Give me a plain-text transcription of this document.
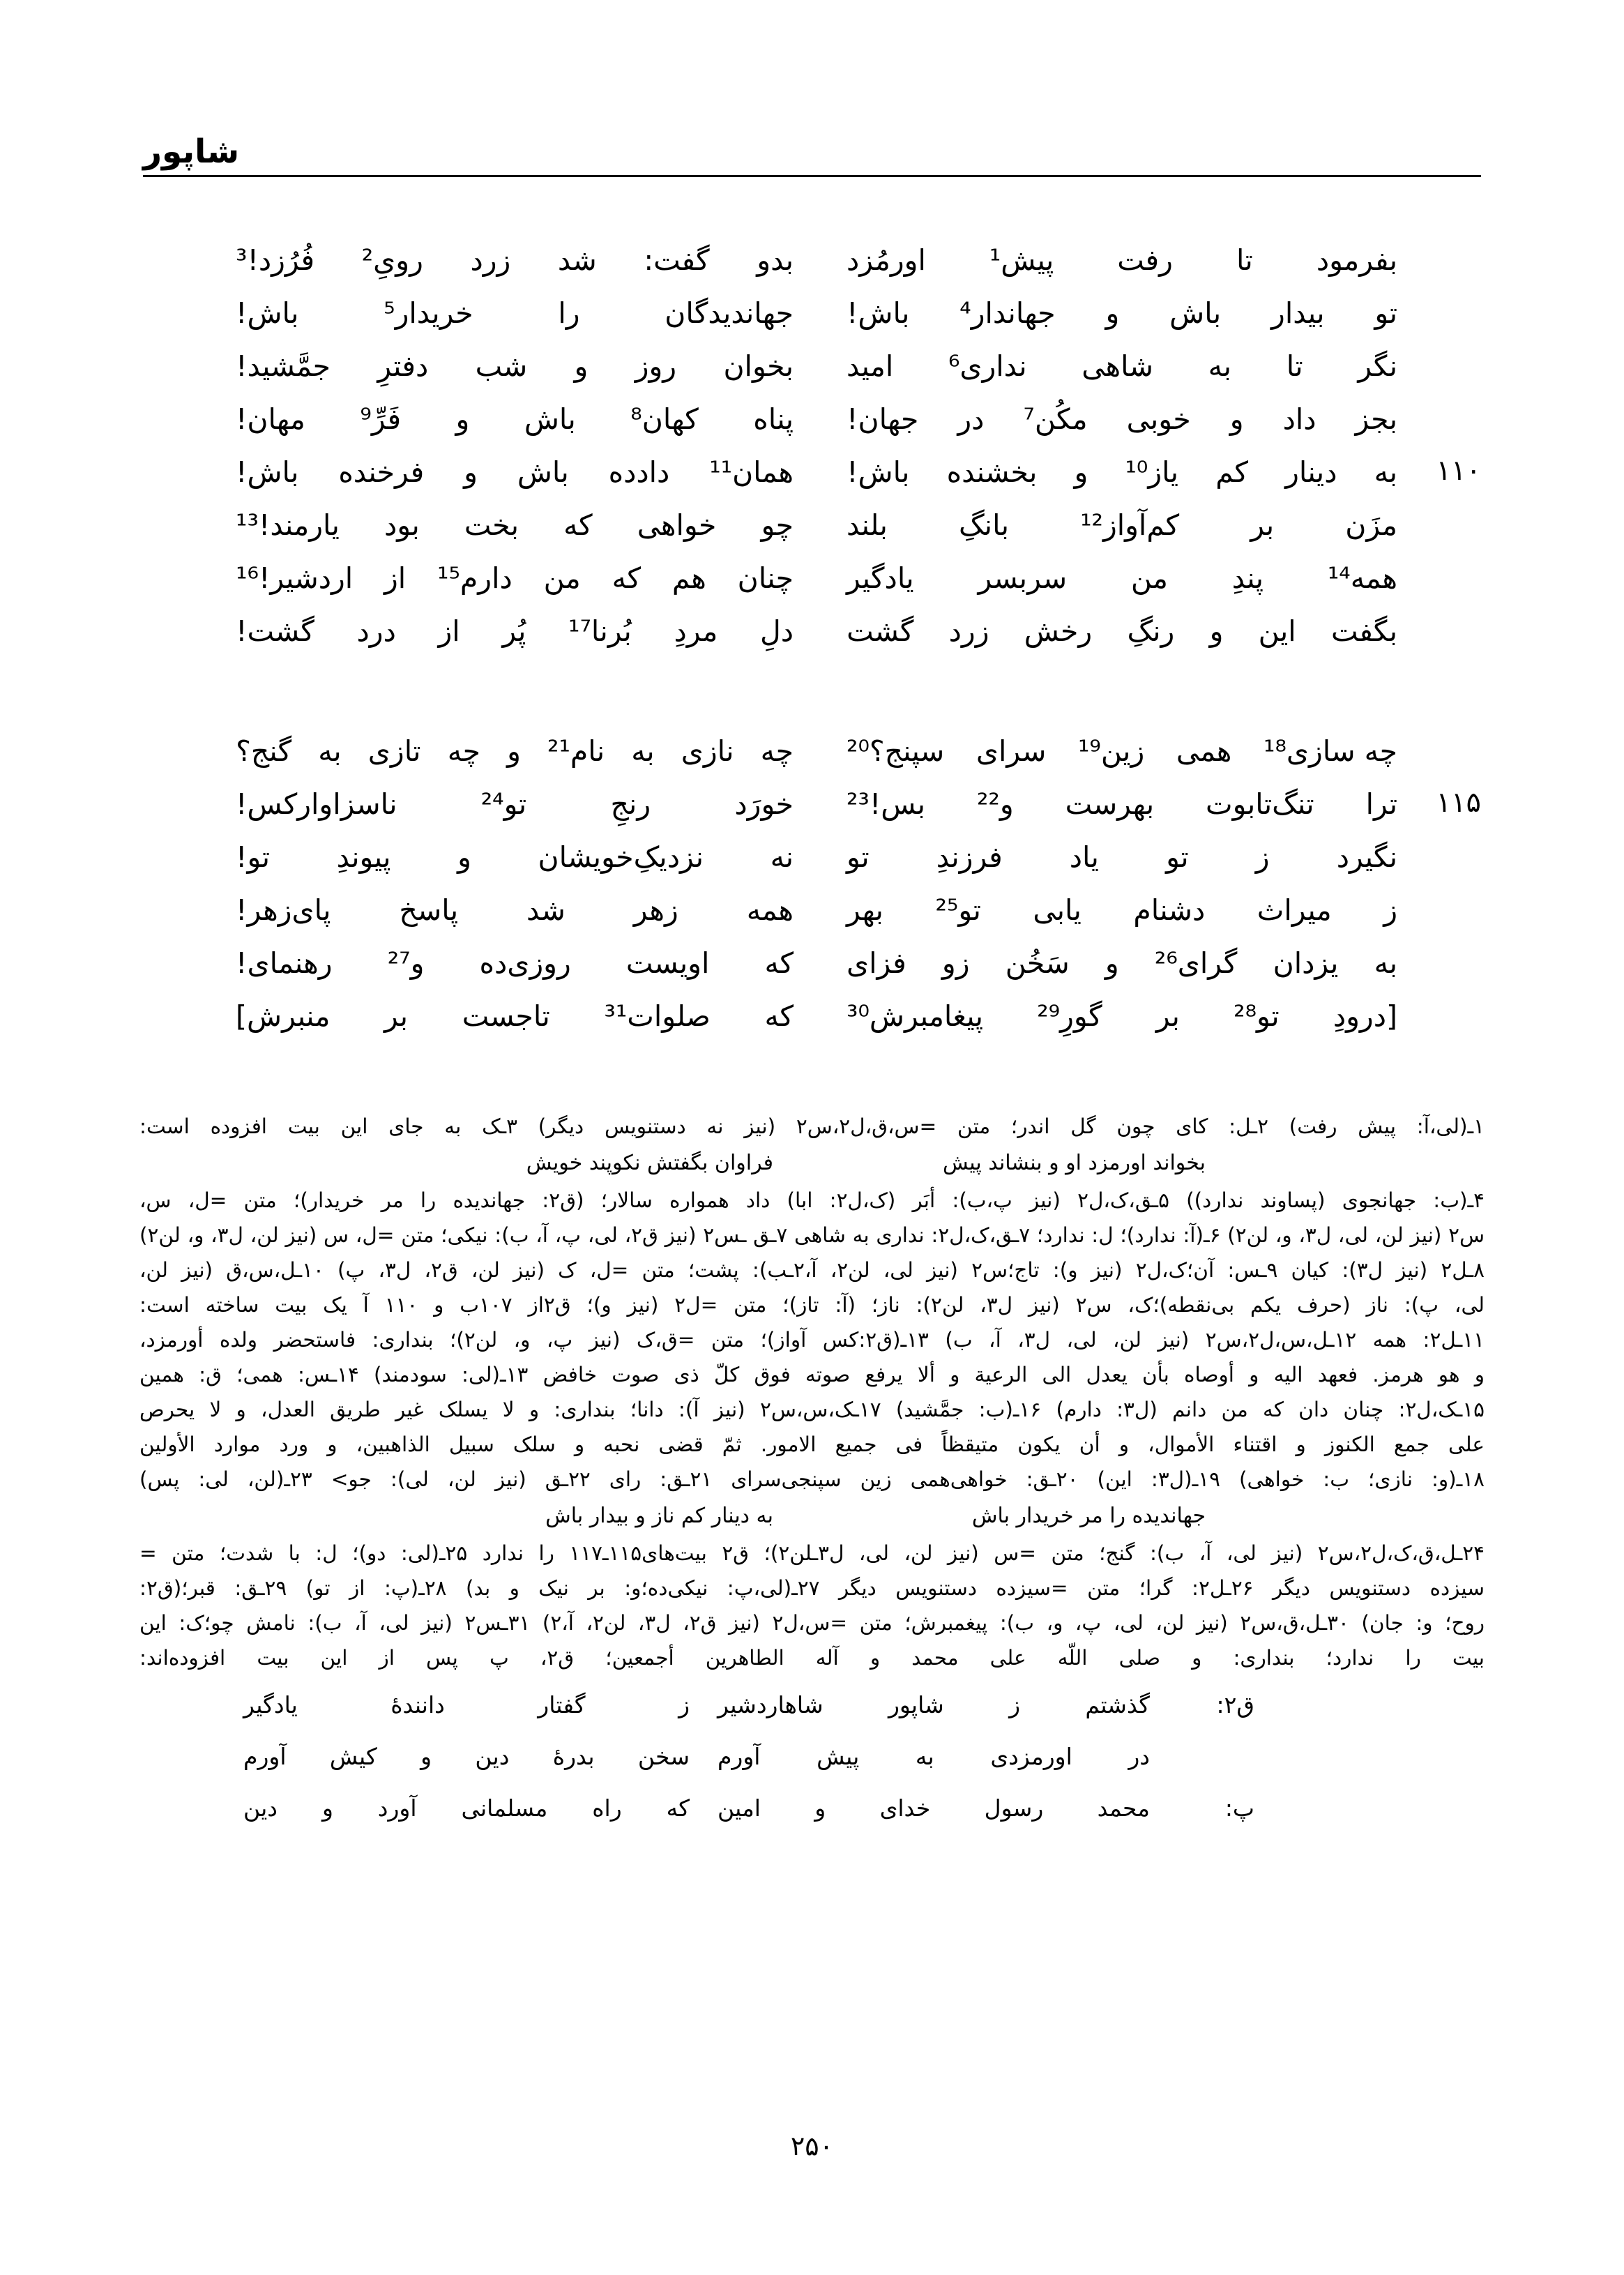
شاپور
بفرمود
تا
رفت
پیش¹
اورمُزد
بدو
گفت:
شد
زرد
رویِ²
فُرُزد!³
تو
بیدار
باش
و
جهاندار⁴
باش!
جهاندیدگان
را
خریدار⁵
باش!
نگر
تا
به
شاهی
نداری⁶
امید
بخوان
روز
و
شب
دفترِ
جمَّشید!
بجز
داد
و
خوبی
مکُن⁷
در
جهان!
پناه
کهان⁸
باش
و
فَرِّ⁹
مهان!
۱۱۰
به
دینار
کم
یاز¹⁰
و
بخشنده
باش!
همان¹¹
دادده
باش
و
فرخنده
باش!
مزَن
بر
کم‌آواز¹²
بانگِ
بلند
چو
خواهی
که
بخت
بود
یارمند!¹³
همه¹⁴
پندِ
من
سربسر
یادگیر
چنان
هم
که
من
دارم¹⁵
از
اردشیر!¹⁶
بگفت
این
و
رنگِ
رخش
زرد
گشت
دلِ
مردِ
بُرنا¹⁷
پُر
از
درد
گشت!
چه سازی¹⁸
همی
زین¹⁹
سرای
سپنج؟²⁰
چه
نازی
به
نام²¹
و
چه
تازی
به
گنج؟
۱۱۵
ترا
تنگ‌تابوت
بهرست
و²²
بس!²³
خورَد
رنجِ
تو²⁴
ناسزاواركس!
نگیرد
ز
تو
یاد
فرزندِ
تو
نه
نزدیکِ‌خویشان
و
پیوندِ
تو!
ز
میراث
دشنام
یابی
تو²⁵
بهر
همه
زهر
شد
پاسخ
پای‌زهر!
به
یزدان
گرای²⁶
و
سَخُن
زو
فزای
که
اویست
روزی‌ده
و²⁷
رهنمای!
[درودِ
تو²⁸
بر
گورِ²⁹
پیغامبرش³⁰
که
صلوات³¹
تاجست
بر
منبرش]
۱ـ(لی،آ: پیش رفت) ۲ـل: کای چون گل اندر؛ متن =س،ق،ل٢،س٢ (نیز نه دستنویس دیگر) ۳ـک به جای این بیت افزوده است:
بخواند اورمزد او و بنشاند پیش
فراوان بگفتش نکوپند خویش
۴ـ(ب: جهانجوی (پساوند ندارد)) ۵ـق،ک،ل٢ (نیز پ،ب): أبَر (ک،ل٢: ابا) داد همواره سالار؛ (ق٢: جهاندیده را مر خریدار)؛ متن =ل، س،
س٢ (نیز لن، لی، ل٣، و، لن٢) ۶ـ(آ: ندارد)؛ ل: ندارد؛ ۷ـق،ک،ل٢: نداری به شاهی ۷ـق ـس٢ (نیز ق٢، لی، پ، آ، ب): نیکی؛ متن =ل، س (نیز لن، ل٣، و، لن٢)
۸ـل٢ (نیز ل٣): کیان ۹ـس: آن؛ک،ل٢ (نیز و): تاج؛س٢ (نیز لی، لن٢، آ،٢ـب): پشت؛ متن =ل، ک (نیز لن، ق٢، ل٣، پ) ۱۰ـل،س،ق (نیز لن،
لی، پ): ناز (حرف یکم بی‌نقطه)؛ک، س٢ (نیز ل٣، لن٢): ناز؛ (آ: تاز)؛ متن =ل٢ (نیز و)؛ ق٢از ۱۰۷ب و ۱۱۰ آ یک بیت ساخته است:
۱۱ـل٢: همه ۱۲ـل،س،ل٢،س٢ (نیز لن، لی، ل٣، آ، ب) ۱۳ـ(ق٢:کس آواز)؛ متن =ق،ک (نیز پ، و، لن٢)؛ بنداری: فاستحضر ولده أورمزد،
و هو هرمز. فعهد الیه و أوصاه بأن یعدل الی الرعیة و ألا یرفع صوته فوق كلّ ذی صوت خافض ۱۳ـ(لی: سودمند) ۱۴ـس: همی؛ ق: همین
۱۵ـک،ل٢: چنان دان که من دانم (ل٣: دارم) ۱۶ـ(ب: جمَّشید) ۱۷ـک،س،س٢ (نیز آ): دانا؛ بنداری: و لا یسلک غیر طریق العدل، و لا یحرص
علی جمع الکنوز و اقتناء الأموال، و أن یكون متیقظاً فی جمیع الامور. ثمّ قضی نحبه و سلک سبیل الذاهبین، و ورد موارد الأولین
۱۸ـ(و: نازی؛ ب: خواهی) ۱۹ـ(ل٣: این) ۲۰ـق: خواهی‌همی زین سپنجی‌سرای ۲۱ـق: رای ۲۲ـق (نیز لن، لی): جو> ۲۳ـ(لن، لی: پس)
جهاندیده را مر خریدار باش
به دینار کم ناز و بیدار باش
۲۴ـل،ق،ک،ل٢،س٢ (نیز لی، آ، ب): گنج؛ متن =س (نیز لن، لی، ل٣ـلن٢)؛ ق٢ بیت‌های۱۱۵ـ۱۱۷ را ندارد ۲۵ـ(لی: دو)؛ ل: با شدت؛ متن =
سیزده دستنویس دیگر ۲۶ـل٢: گرا؛ متن =سیزده دستنویس دیگر ۲۷ـ(لی،پ: نیکی‌ده؛و: بر نیک و بد) ۲۸ـ(پ: از تو) ۲۹ـق: قبر؛(ق٢:
روح؛ و: جان) ۳۰ـل،ق،س٢ (نیز لن، لی، پ، و، ب): پیغمبرش؛ متن =س،ل٢ (نیز ق٢، ل٣، لن٢، آ،٢) ۳۱ـس٢ (نیز لی، آ، ب): نامش چو؛ک: این
بیت را ندارد؛ بنداری: و صلی اللّه علی محمد و آله الطاهرین أجمعین؛ ق٢، پ پس از این بیت افزوده‌اند:
ق٢:
گذشتم
ز
شاپور
شاهاردشیر
ز
گفتار
دانندهٔ
یادگیر
در
اورمزدی
به
پیش
آورم
سخن
بدرهٔ
دین
و
کیش
آورم
پ:
محمد
رسول
خدای
و
امین
که
راه
مسلمانی
آورد
و
دین
۲۵۰
